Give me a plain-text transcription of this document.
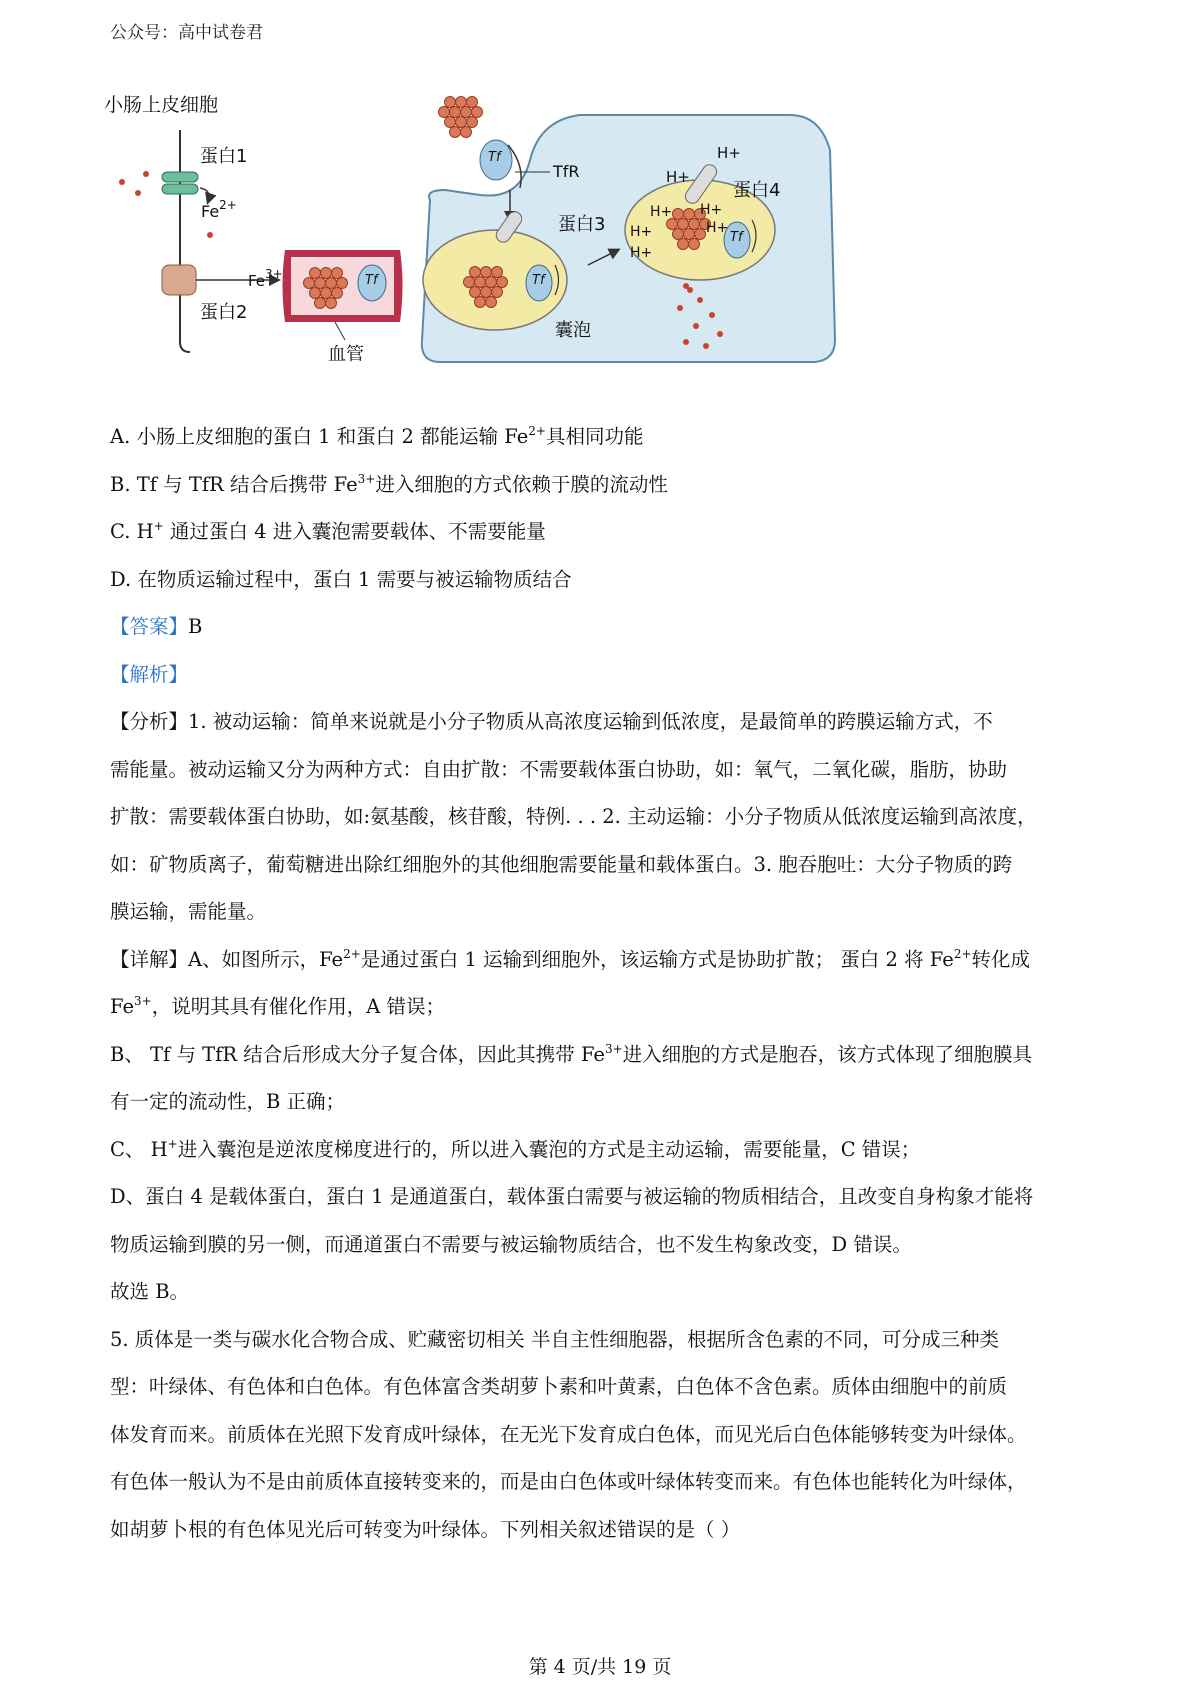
公众号：高中试卷君
小肠上皮细胞
蛋白1
$Fe^{2+}$
$Fe^{3+}$
蛋白2
血管
Tf
Tf	Tf
Tf
TfR
蛋白3
蛋白4
囊泡
H+
H+
H+
H+
H+
H+
H+

A. 小肠上皮细胞的蛋白 1 和蛋白 2 都能运输 $Fe^{2+}$具相同功能

B. Tf 与 TfR 结合后携带 $Fe^{3+}$进入细胞的方式依赖于膜的流动性

C. H+ 通过蛋白 4 进入囊泡需要载体、不需要能量

D. 在物质运输过程中，蛋白 1 需要与被运输物质结合

【答案】B

【解析】

【分析】1. 被动运输：简单来说就是小分子物质从高浓度运输到低浓度，是最简单的跨膜运输方式，不

需能量。被动运输又分为两种方式：自由扩散：不需要载体蛋白协助，如：氧气，二氧化碳，脂肪，协助

扩散：需要载体蛋白协助，如:氨基酸，核苷酸，特例. . . 2. 主动运输：小分子物质从低浓度运输到高浓度，

如：矿物质离子，葡萄糖进出除红细胞外的其他细胞需要能量和载体蛋白。3. 胞吞胞吐：大分子物质的跨

膜运输，需能量。

【详解】A、如图所示，$Fe^{2+}$是通过蛋白 1 运输到细胞外，该运输方式是协助扩散； 蛋白 2 将 $Fe^{2+}$转化成

$Fe^{3+}$，说明其具有催化作用，A 错误；

B、 Tf 与 TfR 结合后形成大分子复合体，因此其携带 $Fe^{3+}$进入细胞的方式是胞吞，该方式体现了细胞膜具

有一定的流动性，B 正确；

C、 H+进入囊泡是逆浓度梯度进行的，所以进入囊泡的方式是主动运输，需要能量，C 错误；

D、蛋白 4 是载体蛋白，蛋白 1 是通道蛋白，载体蛋白需要与被运输的物质相结合，且改变自身构象才能将

物质运输到膜的另一侧，而通道蛋白不需要与被运输物质结合，也不发生构象改变，D 错误。

故选 B。

5. 质体是一类与碳水化合物合成、贮藏密切相关 半自主性细胞器，根据所含色素的不同，可分成三种类

型：叶绿体、有色体和白色体。有色体富含类胡萝卜素和叶黄素，白色体不含色素。质体由细胞中的前质

体发育而来。前质体在光照下发育成叶绿体，在无光下发育成白色体，而见光后白色体能够转变为叶绿体。

有色体一般认为不是由前质体直接转变来的，而是由白色体或叶绿体转变而来。有色体也能转化为叶绿体，

如胡萝卜根的有色体见光后可转变为叶绿体。下列相关叙述错误的是（ ）

第 4 页/共 19 页
